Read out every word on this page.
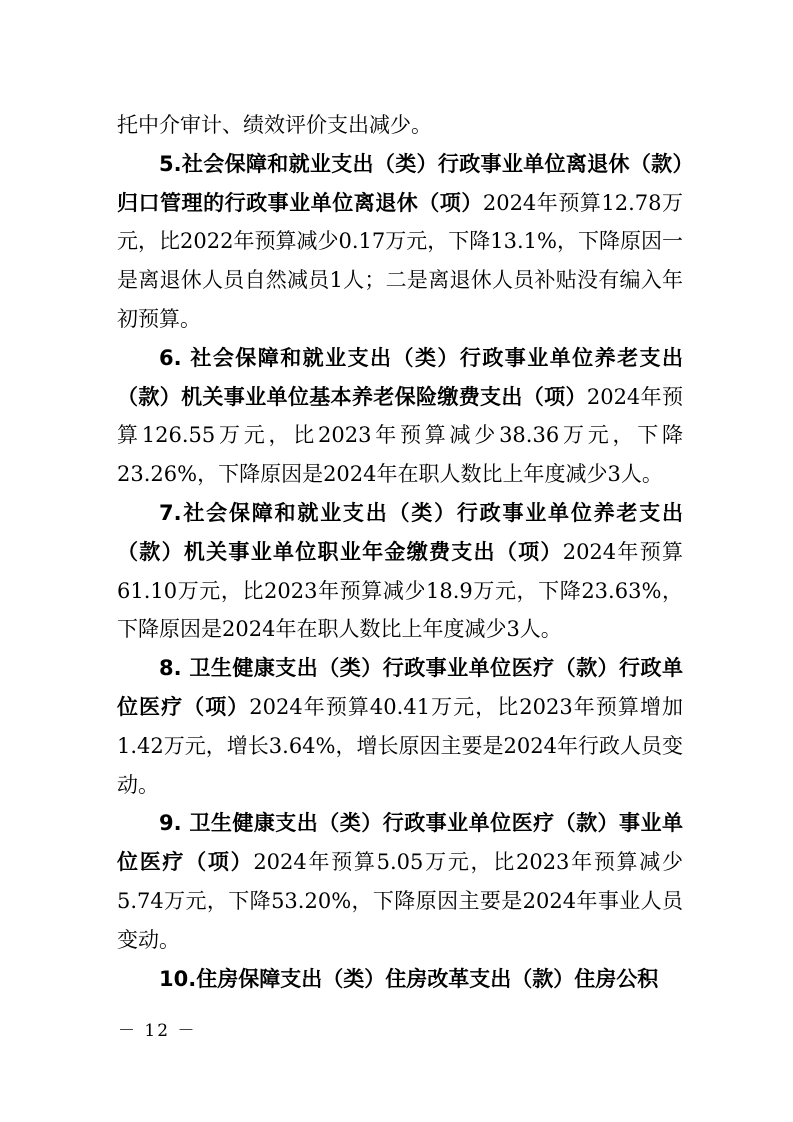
托中介审计、绩效评价支出减少。

5.社会保障和就业支出（类）行政事业单位离退休（款）归口管理的行政事业单位离退休（项）2024年预算12.78万元，比2022年预算减少0.17万元，下降13.1%，下降原因一是离退休人员自然减员1人；二是离退休人员补贴没有编入年初预算。

6. 社会保障和就业支出（类）行政事业单位养老支出（款）机关事业单位基本养老保险缴费支出（项）2024年预算126.55万元，比2023年预算减少38.36万元，下降23.26%，下降原因是2024年在职人数比上年度减少3人。

7.社会保障和就业支出（类）行政事业单位养老支出（款）机关事业单位职业年金缴费支出（项）2024年预算61.10万元，比2023年预算减少18.9万元，下降23.63%，下降原因是2024年在职人数比上年度减少3人。

8. 卫生健康支出（类）行政事业单位医疗（款）行政单位医疗（项）2024年预算40.41万元，比2023年预算增加1.42万元，增长3.64%，增长原因主要是2024年行政人员变动。

9. 卫生健康支出（类）行政事业单位医疗（款）事业单位医疗（项）2024年预算5.05万元，比2023年预算减少5.74万元，下降53.20%，下降原因主要是2024年事业人员变动。

10.住房保障支出（类）住房改革支出（款）住房公积

－ 12 －
